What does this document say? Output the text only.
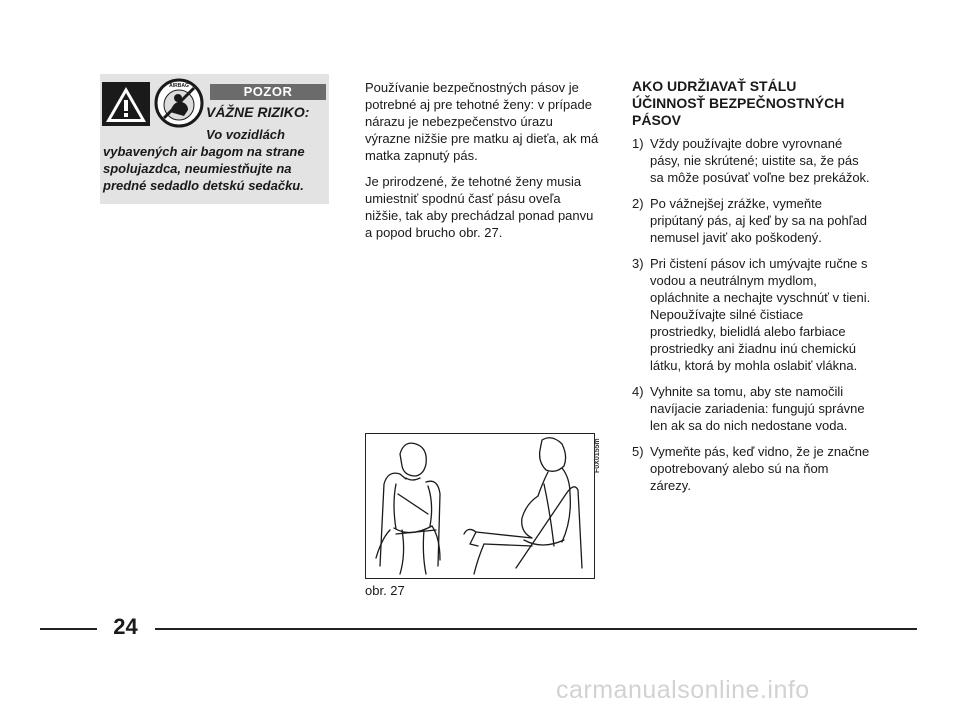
AIRBAG	POZOR
VÁŽNE RIZIKO:
Vo vozidlách
vybavených air bagom na strane spolujazdca, neumiestňujte na predné sedadlo detskú sedačku.

Používanie bezpečnostných pásov je potrebné aj pre tehotné ženy: v prípade nárazu je nebezpečenstvo úrazu výrazne nižšie pre matku aj dieťa, ak má matka zapnutý pás.

Je prirodzené, že tehotné ženy musia umiestniť spodnú časť pásu oveľa nižšie, tak aby prechádzal ponad panvu a popod brucho obr. 27.

F0X0155m
obr. 27
AKO UDRŽIAVAŤ STÁLU ÚČINNOSŤ BEZPEČNOSTNÝCH PÁSOV
1) Vždy používajte dobre vyrovnané pásy, nie skrútené; uistite sa, že pás sa môže posúvať voľne bez prekážok.
2) Po vážnejšej zrážke, vymeňte pripútaný pás, aj keď by sa na pohľad nemusel javiť ako poškodený.
3) Pri čistení pásov ich umývajte ručne s vodou a neutrálnym mydlom, opláchnite a nechajte vyschnúť v tieni. Nepoužívajte silné čistiace prostriedky, bielidlá alebo farbiace prostriedky ani žiadnu inú chemickú látku, ktorá by mohla oslabiť vlákna.
4) Vyhnite sa tomu, aby ste namočili navíjacie zariadenia: fungujú správne len ak sa do nich nedostane voda.
5) Vymeňte pás, keď vidno, že je značne opotrebovaný alebo sú na ňom zárezy.
24
carmanualsonline.info
